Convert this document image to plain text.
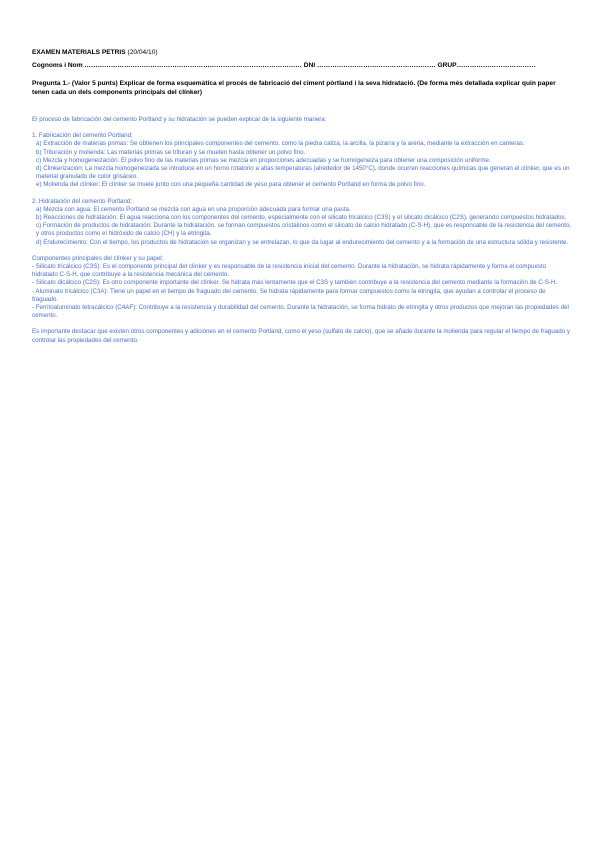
EXAMEN MATERIALS PETRIS (20/04/10)
Cognoms i Nom ……………………………………………………………………………………… DNI ……………………………………………… GRUP………………………………
Pregunta 1.- (Valor 5 punts) Explicar de forma esquemàtica el procés de fabricació del ciment pòrtland i la seva hidratació. (De forma més detallada explicar quin paper tenen cada un dels components principals del clínker)

El proceso de fabricación del cemento Portland y su hidratación se pueden explicar de la siguiente manera:

1. Fabricación del cemento Portland:

a) Extracción de materias primas: Se obtienen los principales componentes del cemento, como la piedra caliza, la arcilla, la pizarra y la arena, mediante la extracción en canteras.

b) Trituración y molienda: Las materias primas se trituran y se muelen hasta obtener un polvo fino.

c) Mezcla y homogeneización: El polvo fino de las materias primas se mezcla en proporciones adecuadas y se homogeneiza para obtener una composición uniforme.

d) Clinkerización: La mezcla homogeneizada se introduce en un horno rotatorio a altas temperaturas (alrededor de 1450°C), donde ocurren reacciones químicas que generan el clínker, que es un material granulado de color grisáceo.

e) Molienda del clínker: El clínker se muele junto con una pequeña cantidad de yeso para obtener el cemento Portland en forma de polvo fino.

2. Hidratación del cemento Portland:

a) Mezcla con agua: El cemento Portland se mezcla con agua en una proporción adecuada para formar una pasta.

b) Reacciones de hidratación: El agua reacciona con los componentes del cemento, especialmente con el silicato tricálcico (C3S) y el silicato dicálcico (C2S), generando compuestos hidratados.

c) Formación de productos de hidratación: Durante la hidratación, se forman compuestos cristalinos como el silicato de calcio hidratado (C-S-H), que es responsable de la resistencia del cemento, y otros productos como el hidróxido de calcio (CH) y la etringita.

d) Endurecimiento: Con el tiempo, los productos de hidratación se organizan y se entrelazan, lo que da lugar al endurecimiento del cemento y a la formación de una estructura sólida y resistente.

Componentes principales del clínker y su papel:

- Silicato tricálcico (C3S): Es el componente principal del clínker y es responsable de la resistencia inicial del cemento. Durante la hidratación, se hidrata rápidamente y forma el compuesto hidratado C-S-H, que contribuye a la resistencia mecánica del cemento.

- Silicato dicálcico (C2S): Es otro componente importante del clínker. Se hidrata más lentamente que el C3S y también contribuye a la resistencia del cemento mediante la formación de C-S-H.

- Aluminato tricálcico (C3A): Tiene un papel en el tiempo de fraguado del cemento. Se hidrata rápidamente para formar compuestos como la etringita, que ayudan a controlar el proceso de fraguado.

- Ferritoaluminato tetracálcico (C4AF): Contribuye a la resistencia y durabilidad del cemento. Durante la hidratación, se forma hidrato de etringita y otros productos que mejoran las propiedades del cemento.

Es importante destacar que existen otros componentes y adiciones en el cemento Portland, como el yeso (sulfato de calcio), que se añade durante la molienda para regular el tiempo de fraguado y controlar las propiedades del cemento.
